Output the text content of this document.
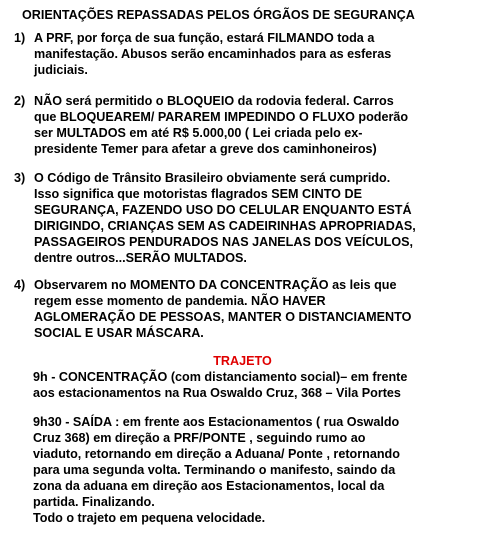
ORIENTAÇÕES REPASSADAS PELOS ÓRGÃOS DE SEGURANÇA
1) A PRF, por força de sua função, estará FILMANDO toda a
manifestação. Abusos serão encaminhados para as esferas
judiciais.
2) NÃO será permitido o BLOQUEIO da rodovia federal. Carros
que BLOQUEAREM/ PARAREM IMPEDINDO O FLUXO poderão
ser MULTADOS em até R$ 5.000,00 ( Lei criada pelo ex-
presidente Temer para afetar a greve dos caminhoneiros)
3) O Código de Trânsito Brasileiro obviamente será cumprido.
Isso significa que motoristas flagrados SEM CINTO DE
SEGURANÇA, FAZENDO USO DO CELULAR ENQUANTO ESTÁ
DIRIGINDO, CRIANÇAS SEM AS CADEIRINHAS APROPRIADAS,
PASSAGEIROS PENDURADOS NAS JANELAS DOS VEÍCULOS,
dentre outros...SERÃO MULTADOS.
4) Observarem no MOMENTO DA CONCENTRAÇÃO as leis que
regem esse momento de pandemia. NÃO HAVER
AGLOMERAÇÃO DE PESSOAS, MANTER O DISTANCIAMENTO
SOCIAL E USAR MÁSCARA.
TRAJETO
9h - CONCENTRAÇÃO (com distanciamento social)– em frente
aos estacionamentos na Rua Oswaldo Cruz, 368 – Vila Portes
9h30 - SAÍDA : em frente aos Estacionamentos ( rua Oswaldo
Cruz 368) em direção a PRF/PONTE , seguindo rumo ao
viaduto, retornando em direção a Aduana/ Ponte , retornando
para uma segunda volta. Terminando o manifesto, saindo da
zona da aduana em direção aos Estacionamentos, local da
partida. Finalizando.
Todo o trajeto em pequena velocidade.
